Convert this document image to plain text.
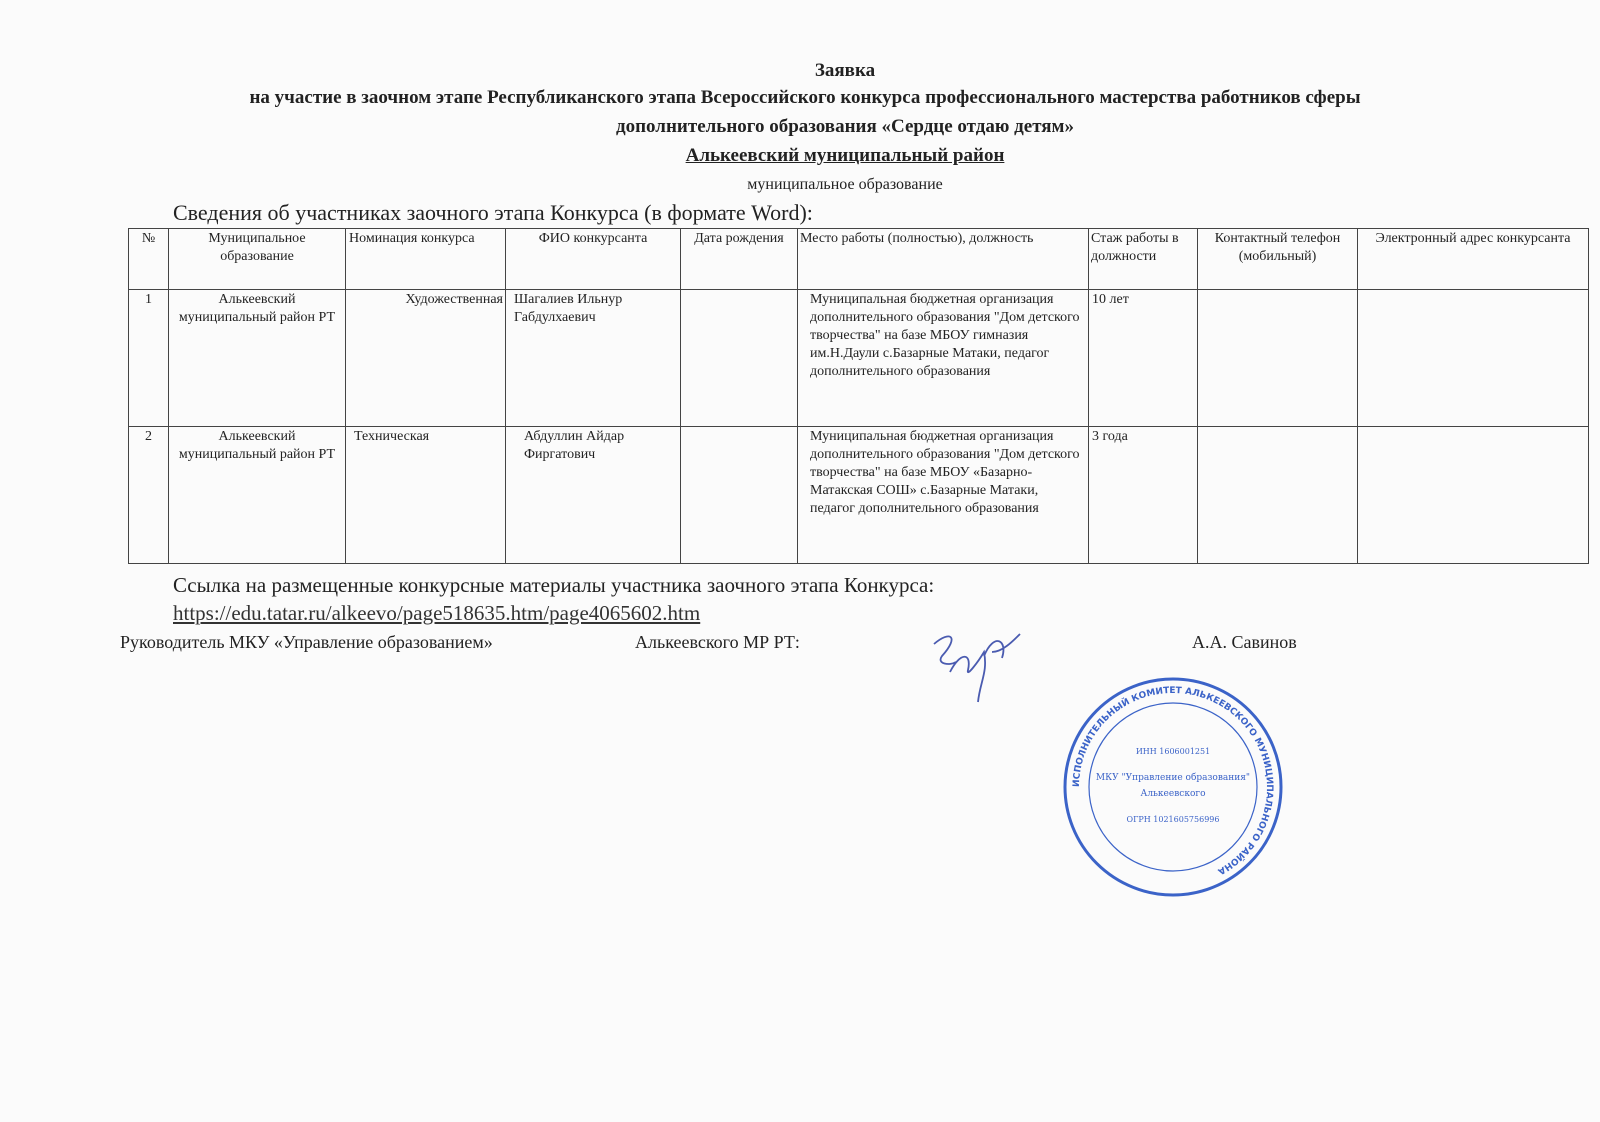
Заявка
на участие в заочном этапе Республиканского этапа Всероссийского конкурса профессионального мастерства работников сферы
дополнительного образования «Сердце отдаю детям»
Алькеевский муниципальный район
муниципальное образование
Сведения об участниках заочного этапа Конкурса (в формате Word):
№	Муниципальное образование	Номинация конкурса	ФИО конкурсанта	Дата рождения	Место работы (полностью), должность	Стаж работы в должности	Контактный телефон (мобильный)	Электронный адрес конкурсанта
1	Алькеевский муниципальный район РТ	Художественная	Шагалиев Ильнур Габдулхаевич		Муниципальная бюджетная организация дополнительного образования "Дом детского творчества" на базе МБОУ гимназия им.Н.Даули с.Базарные Матаки, педагог дополнительного образования	10 лет		
2	Алькеевский муниципальный район РТ	Техническая	Абдуллин Айдар Фиргатович		Муниципальная бюджетная организация дополнительного образования "Дом детского творчества" на базе МБОУ «Базарно-Матакская СОШ» с.Базарные Матаки, педагог дополнительного образования	3 года		
Ссылка на размещенные конкурсные материалы участника заочного этапа Конкурса:
https://edu.tatar.ru/alkeevo/page518635.htm/page4065602.htm
Руководитель МКУ «Управление образованием»	Алькеевского МР РТ:	А.А. Савинов
ИСПОЛНИТЕЛЬНЫЙ КОМИТЕТ АЛЬКЕЕВСКОГО МУНИЦИПАЛЬНОГО РАЙОНА
ИНН 1606001251
МКУ "Управление образования"
Алькеевского
ОГРН 1021605756996
